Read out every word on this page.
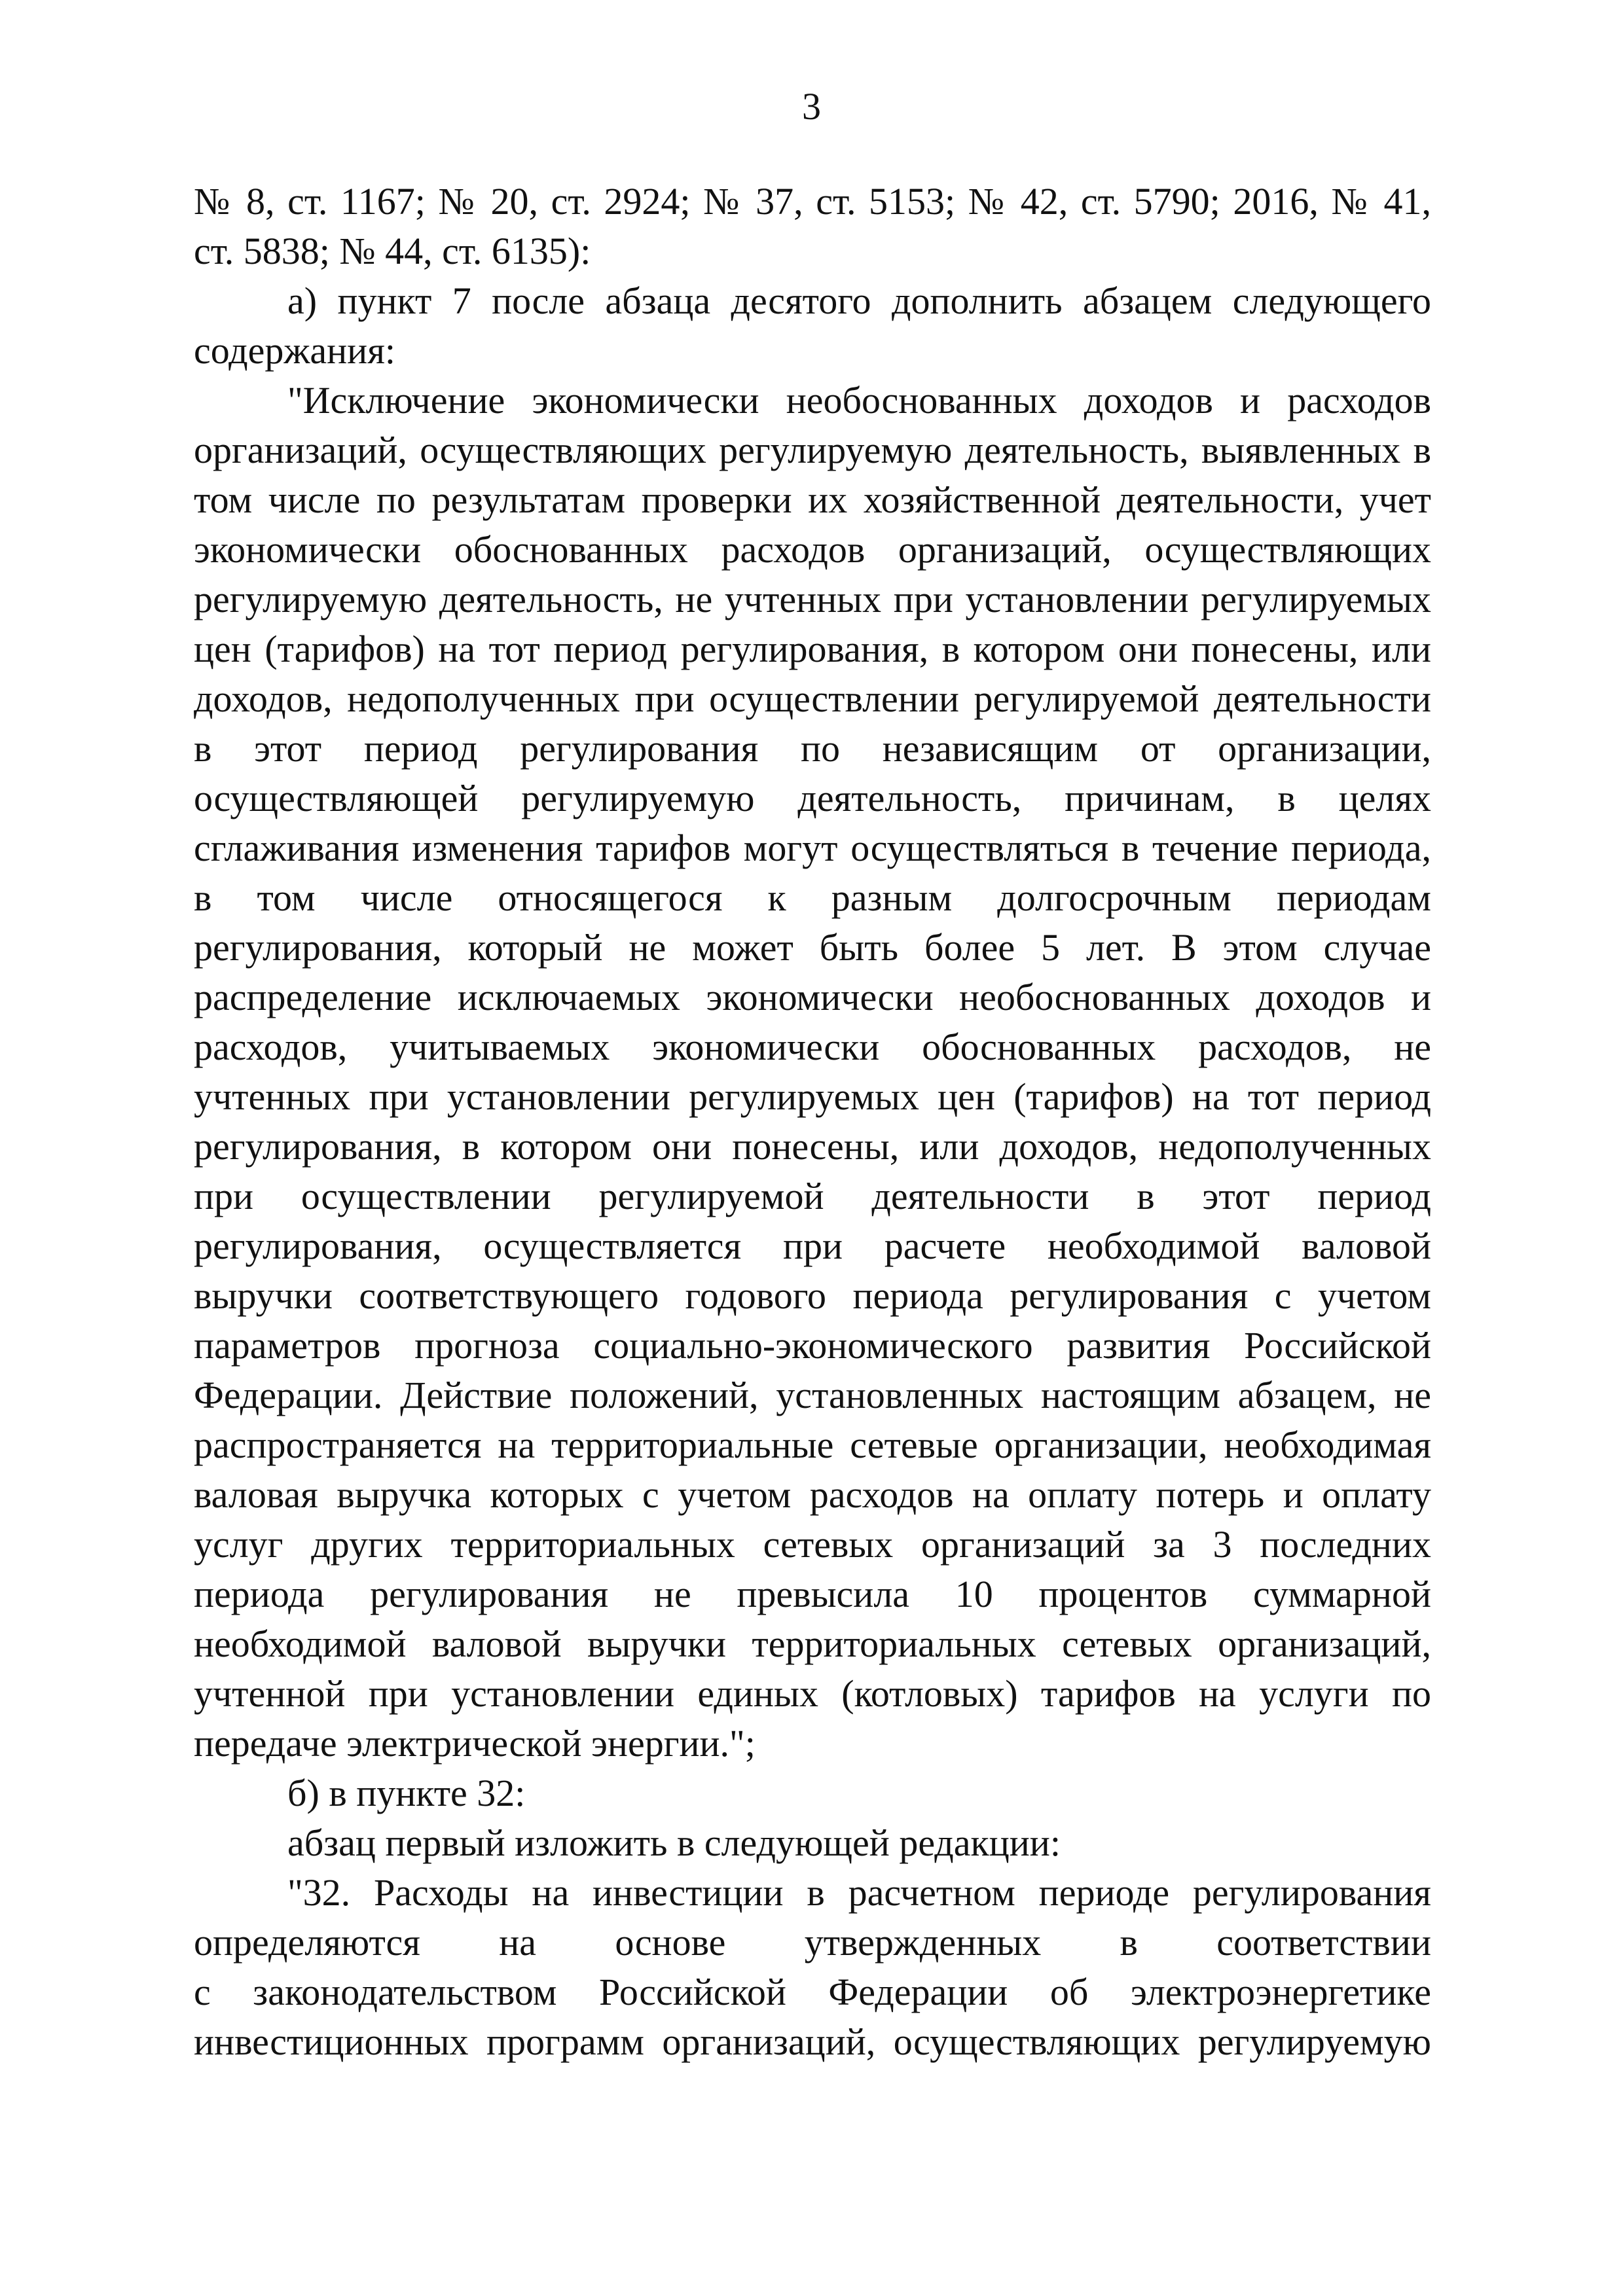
3
№ 8, ст. 1167; № 20, ст. 2924; № 37, ст. 5153; № 42, ст. 5790; 2016, № 41,
ст. 5838; № 44, ст. 6135):
а) пункт 7 после абзаца десятого дополнить абзацем следующего
содержания:
"Исключение экономически необоснованных доходов и расходов
организаций, осуществляющих регулируемую деятельность, выявленных в
том числе по результатам проверки их хозяйственной деятельности, учет
экономически обоснованных расходов организаций, осуществляющих
регулируемую деятельность, не учтенных при установлении регулируемых
цен (тарифов) на тот период регулирования, в котором они понесены, или
доходов, недополученных при осуществлении регулируемой деятельности
в этот период регулирования по независящим от организации,
осуществляющей регулируемую деятельность, причинам, в целях
сглаживания изменения тарифов могут осуществляться в течение периода,
в том числе относящегося к разным долгосрочным периодам
регулирования, который не может быть более 5 лет. В этом случае
распределение исключаемых экономически необоснованных доходов и
расходов, учитываемых экономически обоснованных расходов, не
учтенных при установлении регулируемых цен (тарифов) на тот период
регулирования, в котором они понесены, или доходов, недополученных
при осуществлении регулируемой деятельности в этот период
регулирования, осуществляется при расчете необходимой валовой
выручки соответствующего годового периода регулирования с учетом
параметров прогноза социально-экономического развития Российской
Федерации. Действие положений, установленных настоящим абзацем, не
распространяется на территориальные сетевые организации, необходимая
валовая выручка которых с учетом расходов на оплату потерь и оплату
услуг других территориальных сетевых организаций за 3 последних
периода регулирования не превысила 10 процентов суммарной
необходимой валовой выручки территориальных сетевых организаций,
учтенной при установлении единых (котловых) тарифов на услуги по
передаче электрической энергии.";
б) в пункте 32:
абзац первый изложить в следующей редакции:
"32. Расходы на инвестиции в расчетном периоде регулирования
определяются на основе утвержденных в соответствии
с законодательством Российской Федерации об электроэнергетике
инвестиционных программ организаций, осуществляющих регулируемую
